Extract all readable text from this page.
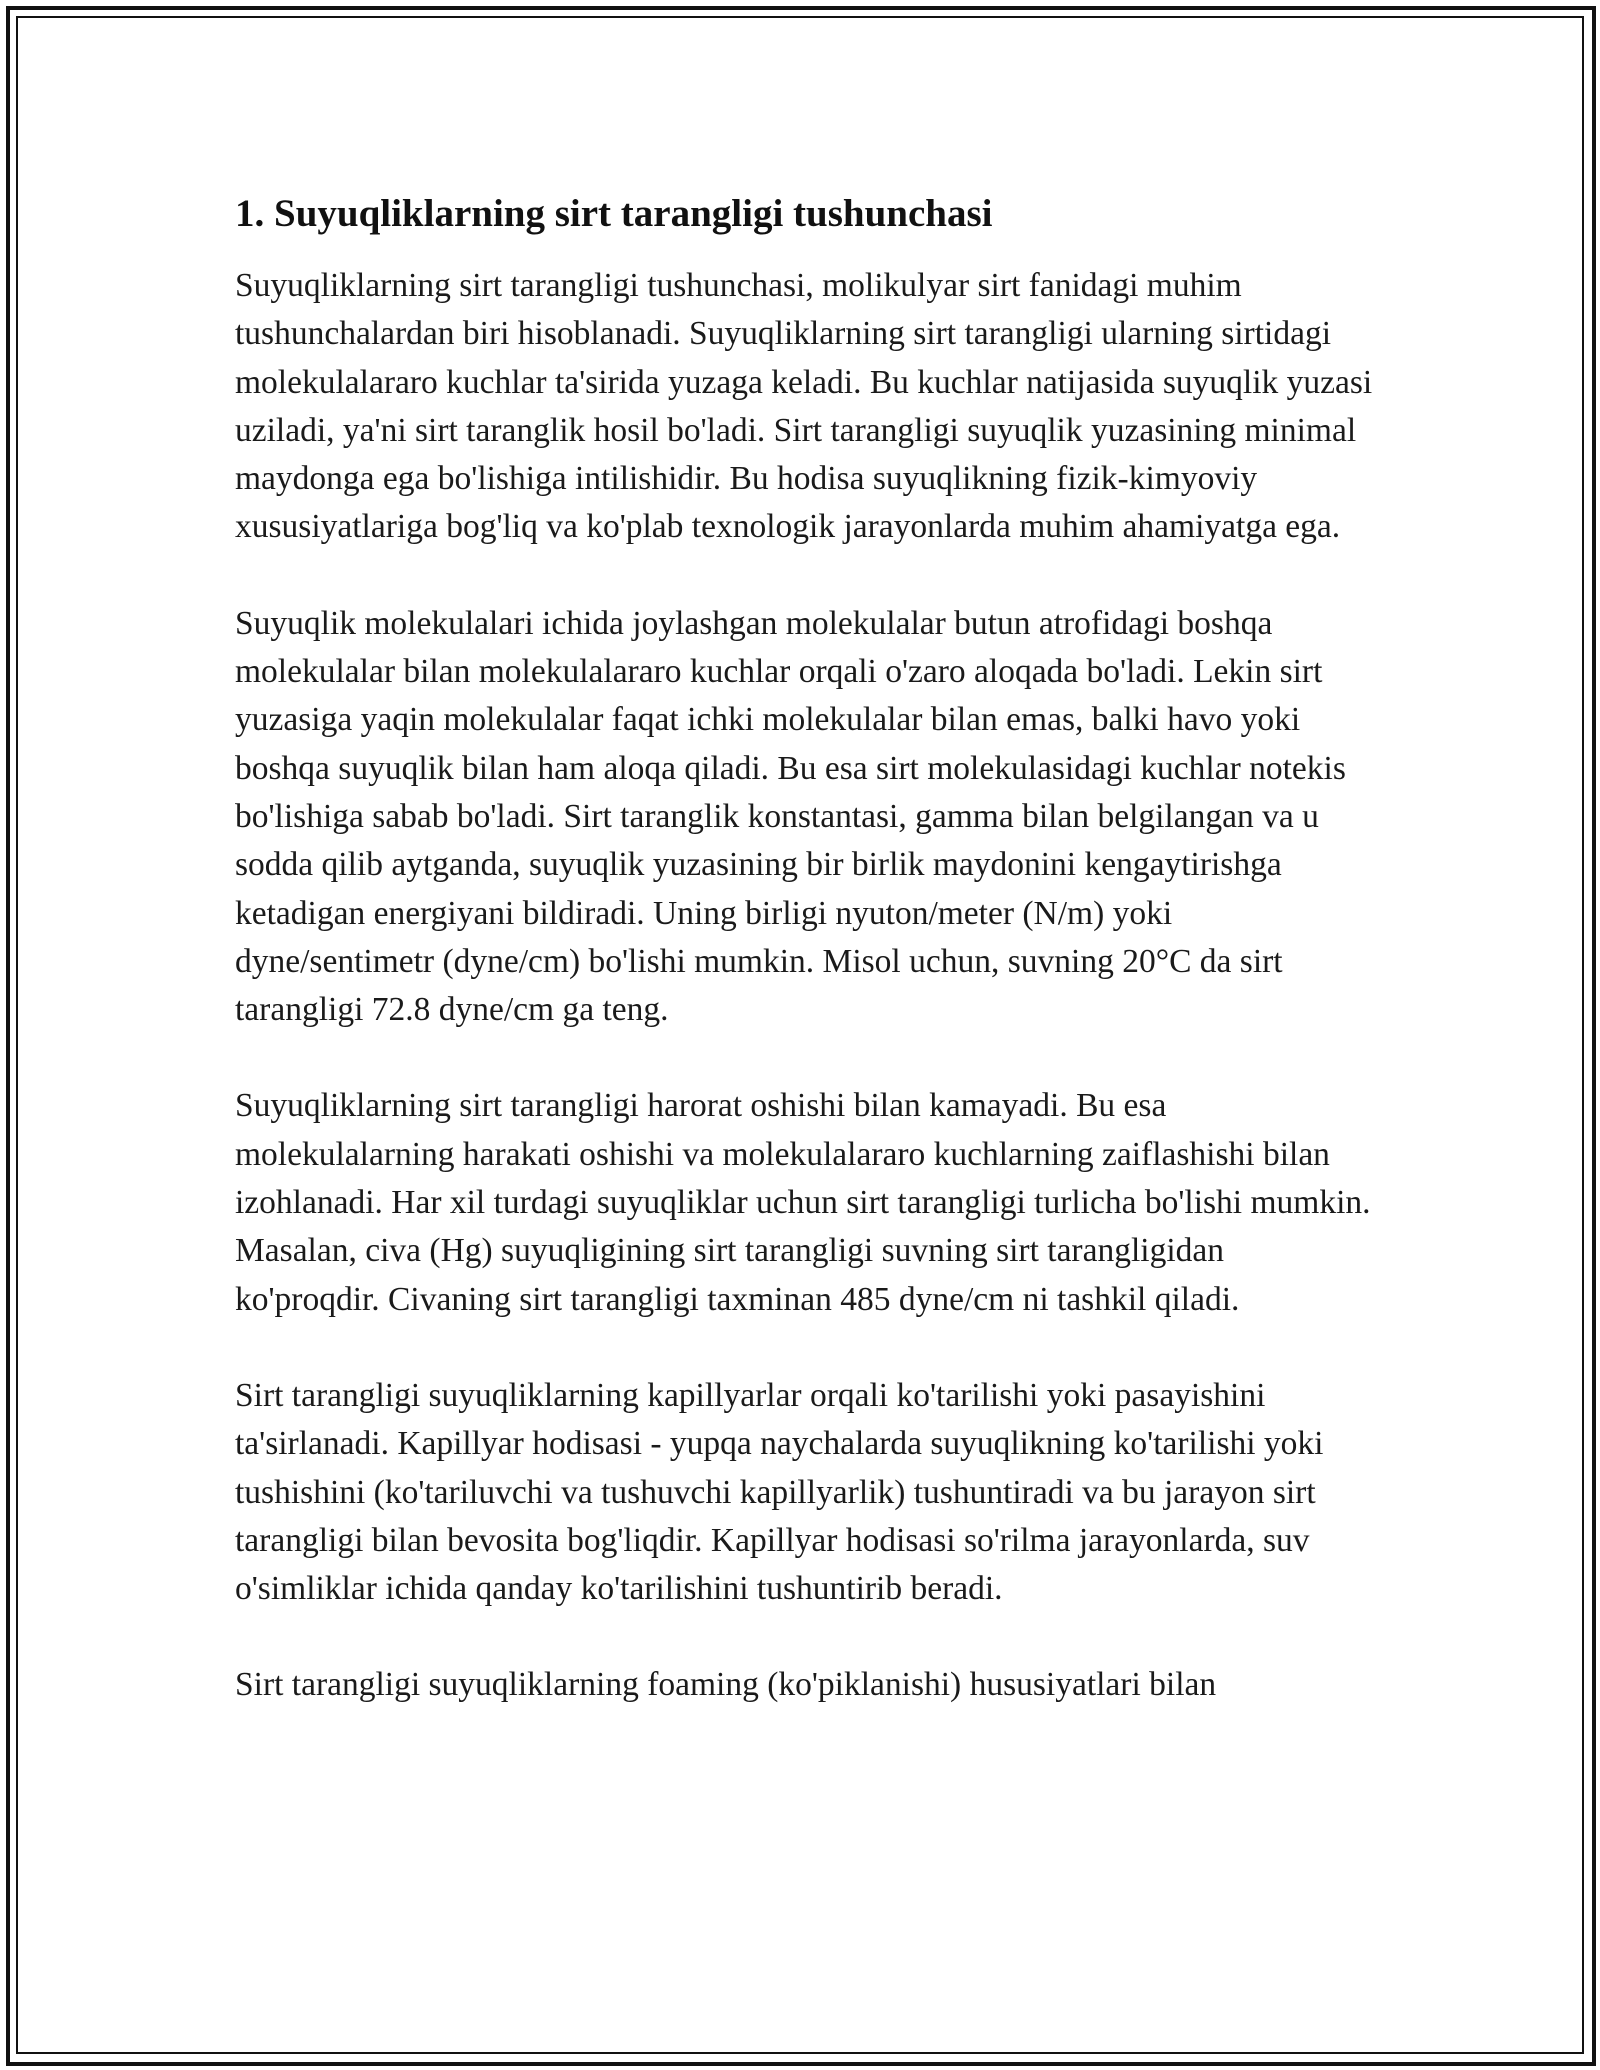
1. Suyuqliklarning sirt tarangligi tushunchasi

Suyuqliklarning sirt tarangligi tushunchasi, molikulyar sirt fanidagi muhim tushunchalardan biri hisoblanadi. Suyuqliklarning sirt tarangligi ularning sirtidagi molekulalararo kuchlar ta'sirida yuzaga keladi. Bu kuchlar natijasida suyuqlik yuzasi uziladi, ya'ni sirt taranglik hosil bo'ladi. Sirt tarangligi suyuqlik yuzasining minimal maydonga ega bo'lishiga intilishidir. Bu hodisa suyuqlikning fizik-kimyoviy xususiyatlariga bog'liq va ko'plab texnologik jarayonlarda muhim ahamiyatga ega.

Suyuqlik molekulalari ichida joylashgan molekulalar butun atrofidagi boshqa molekulalar bilan molekulalararo kuchlar orqali o'zaro aloqada bo'ladi. Lekin sirt yuzasiga yaqin molekulalar faqat ichki molekulalar bilan emas, balki havo yoki boshqa suyuqlik bilan ham aloqa qiladi. Bu esa sirt molekulasidagi kuchlar notekis bo'lishiga sabab bo'ladi. Sirt taranglik konstantasi, gamma bilan belgilangan va u sodda qilib aytganda, suyuqlik yuzasining bir birlik maydonini kengaytirishga ketadigan energiyani bildiradi. Uning birligi nyuton/meter (N/m) yoki dyne/sentimetr (dyne/cm) bo'lishi mumkin. Misol uchun, suvning 20°C da sirt tarangligi 72.8 dyne/cm ga teng.

Suyuqliklarning sirt tarangligi harorat oshishi bilan kamayadi. Bu esa molekulalarning harakati oshishi va molekulalararo kuchlarning zaiflashishi bilan izohlanadi. Har xil turdagi suyuqliklar uchun sirt tarangligi turlicha bo'lishi mumkin. Masalan, civa (Hg) suyuqligining sirt tarangligi suvning sirt tarangligidan ko'proqdir. Civaning sirt tarangligi taxminan 485 dyne/cm ni tashkil qiladi.

Sirt tarangligi suyuqliklarning kapillyarlar orqali ko'tarilishi yoki pasayishini ta'sirlanadi. Kapillyar hodisasi - yupqa naychalarda suyuqlikning ko'tarilishi yoki tushishini (ko'tariluvchi va tushuvchi kapillyarlik) tushuntiradi va bu jarayon sirt tarangligi bilan bevosita bog'liqdir. Kapillyar hodisasi so'rilma jarayonlarda, suv o'simliklar ichida qanday ko'tarilishini tushuntirib beradi.

Sirt tarangligi suyuqliklarning foaming (ko'piklanishi) hususiyatlari bilan
